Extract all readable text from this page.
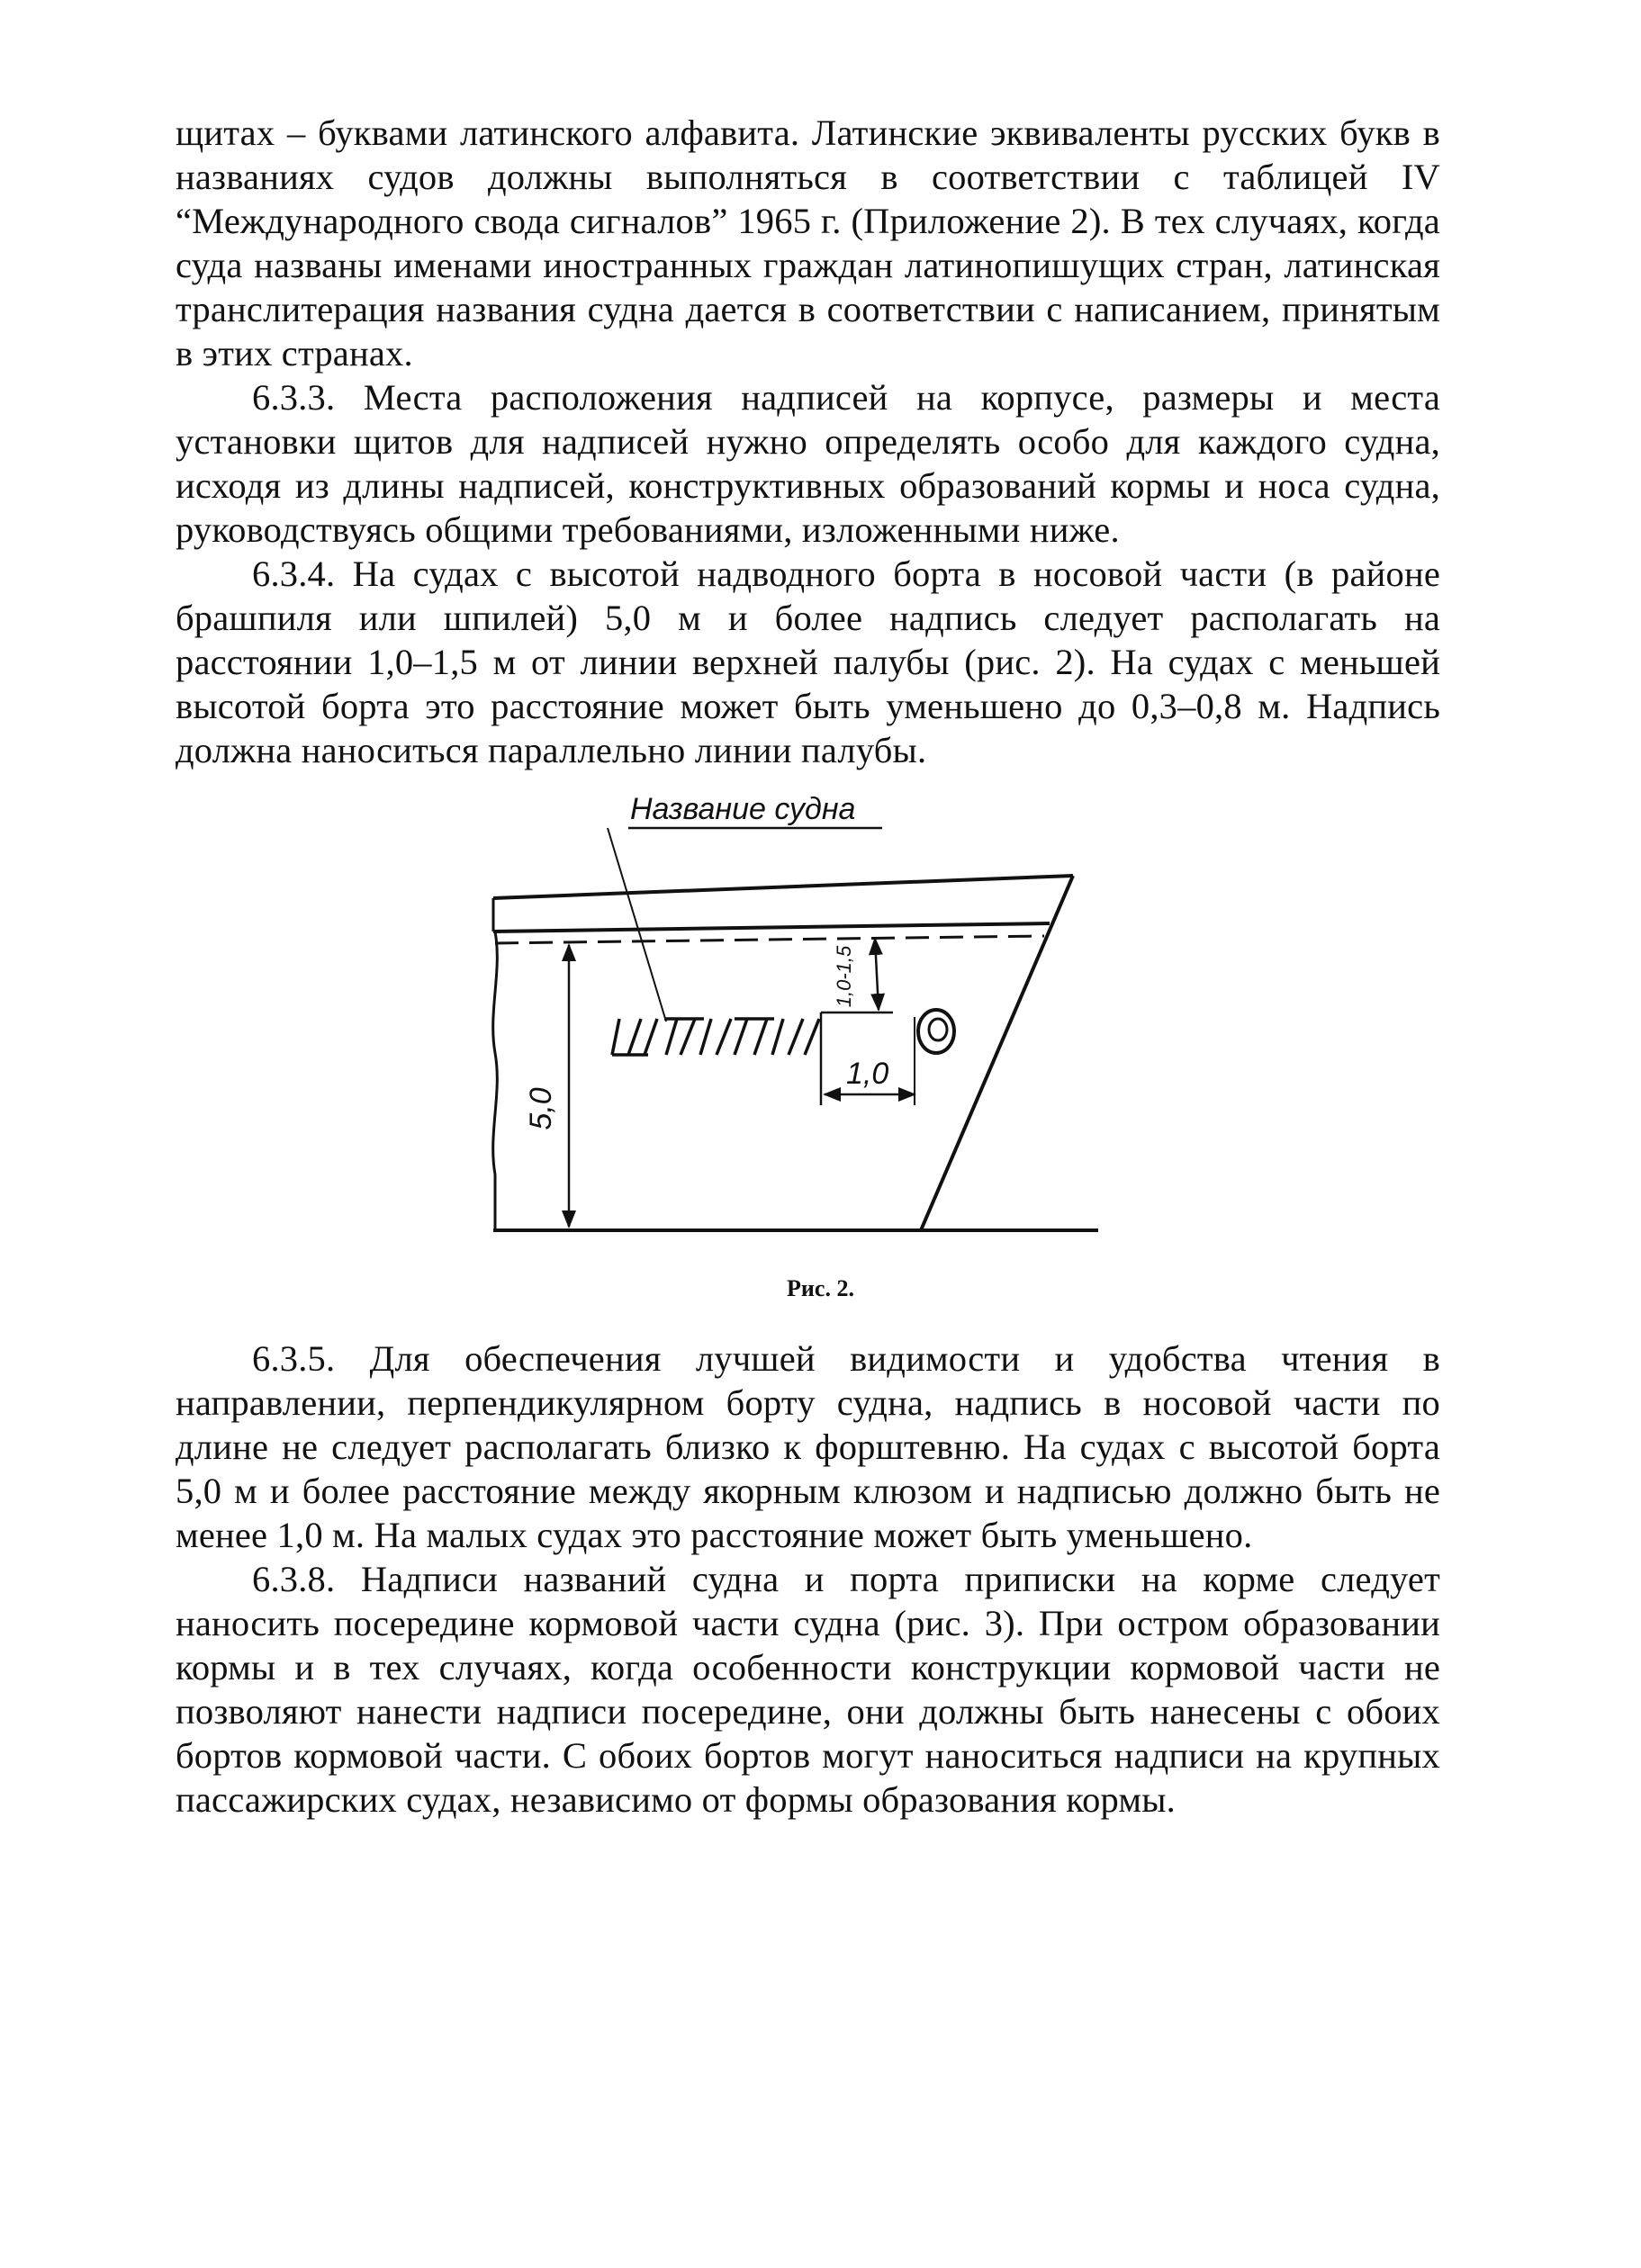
щитах – буквами латинского алфавита. Латинские эквиваленты русских букв в названиях судов должны выполняться в соответствии с таблицей IV “Международного свода сигналов” 1965 г. (Приложение 2). В тех случаях, когда суда названы именами иностранных граждан латинопишущих стран, латинская транслитерация названия судна дается в соответствии с написанием, принятым в этих странах.

6.3.3. Места расположения надписей на корпусе, размеры и места установки щитов для надписей нужно определять особо для каждого судна, исходя из длины надписей, конструктивных образований кормы и носа судна, руководствуясь общими требованиями, изложенными ниже.

6.3.4. На судах с высотой надводного борта в носовой части (в районе брашпиля или шпилей) 5,0 м и более надпись следует располагать на расстоянии 1,0–1,5 м от линии верхней палубы (рис. 2). На судах с меньшей высотой борта это расстояние может быть уменьшено до 0,3–0,8 м. Надпись должна наноситься параллельно линии палубы.

Название судна
5,0
1,0-1,5
1,0
Рис. 2.

6.3.5. Для обеспечения лучшей видимости и удобства чтения в направлении, перпендикулярном борту судна, надпись в носовой части по длине не следует располагать близко к форштевню. На судах с высотой борта 5,0 м и более расстояние между якорным клюзом и надписью должно быть не менее 1,0 м. На малых судах это расстояние может быть уменьшено.

6.3.8. Надписи названий судна и порта приписки на корме следует наносить посередине кормовой части судна (рис. 3). При остром образовании кормы и в тех случаях, когда особенности конструкции кормовой части не позволяют нанести надписи посередине, они должны быть нанесены с обоих бортов кормовой части. С обоих бортов могут наноситься надписи на крупных пассажирских судах, независимо от формы образования кормы.
